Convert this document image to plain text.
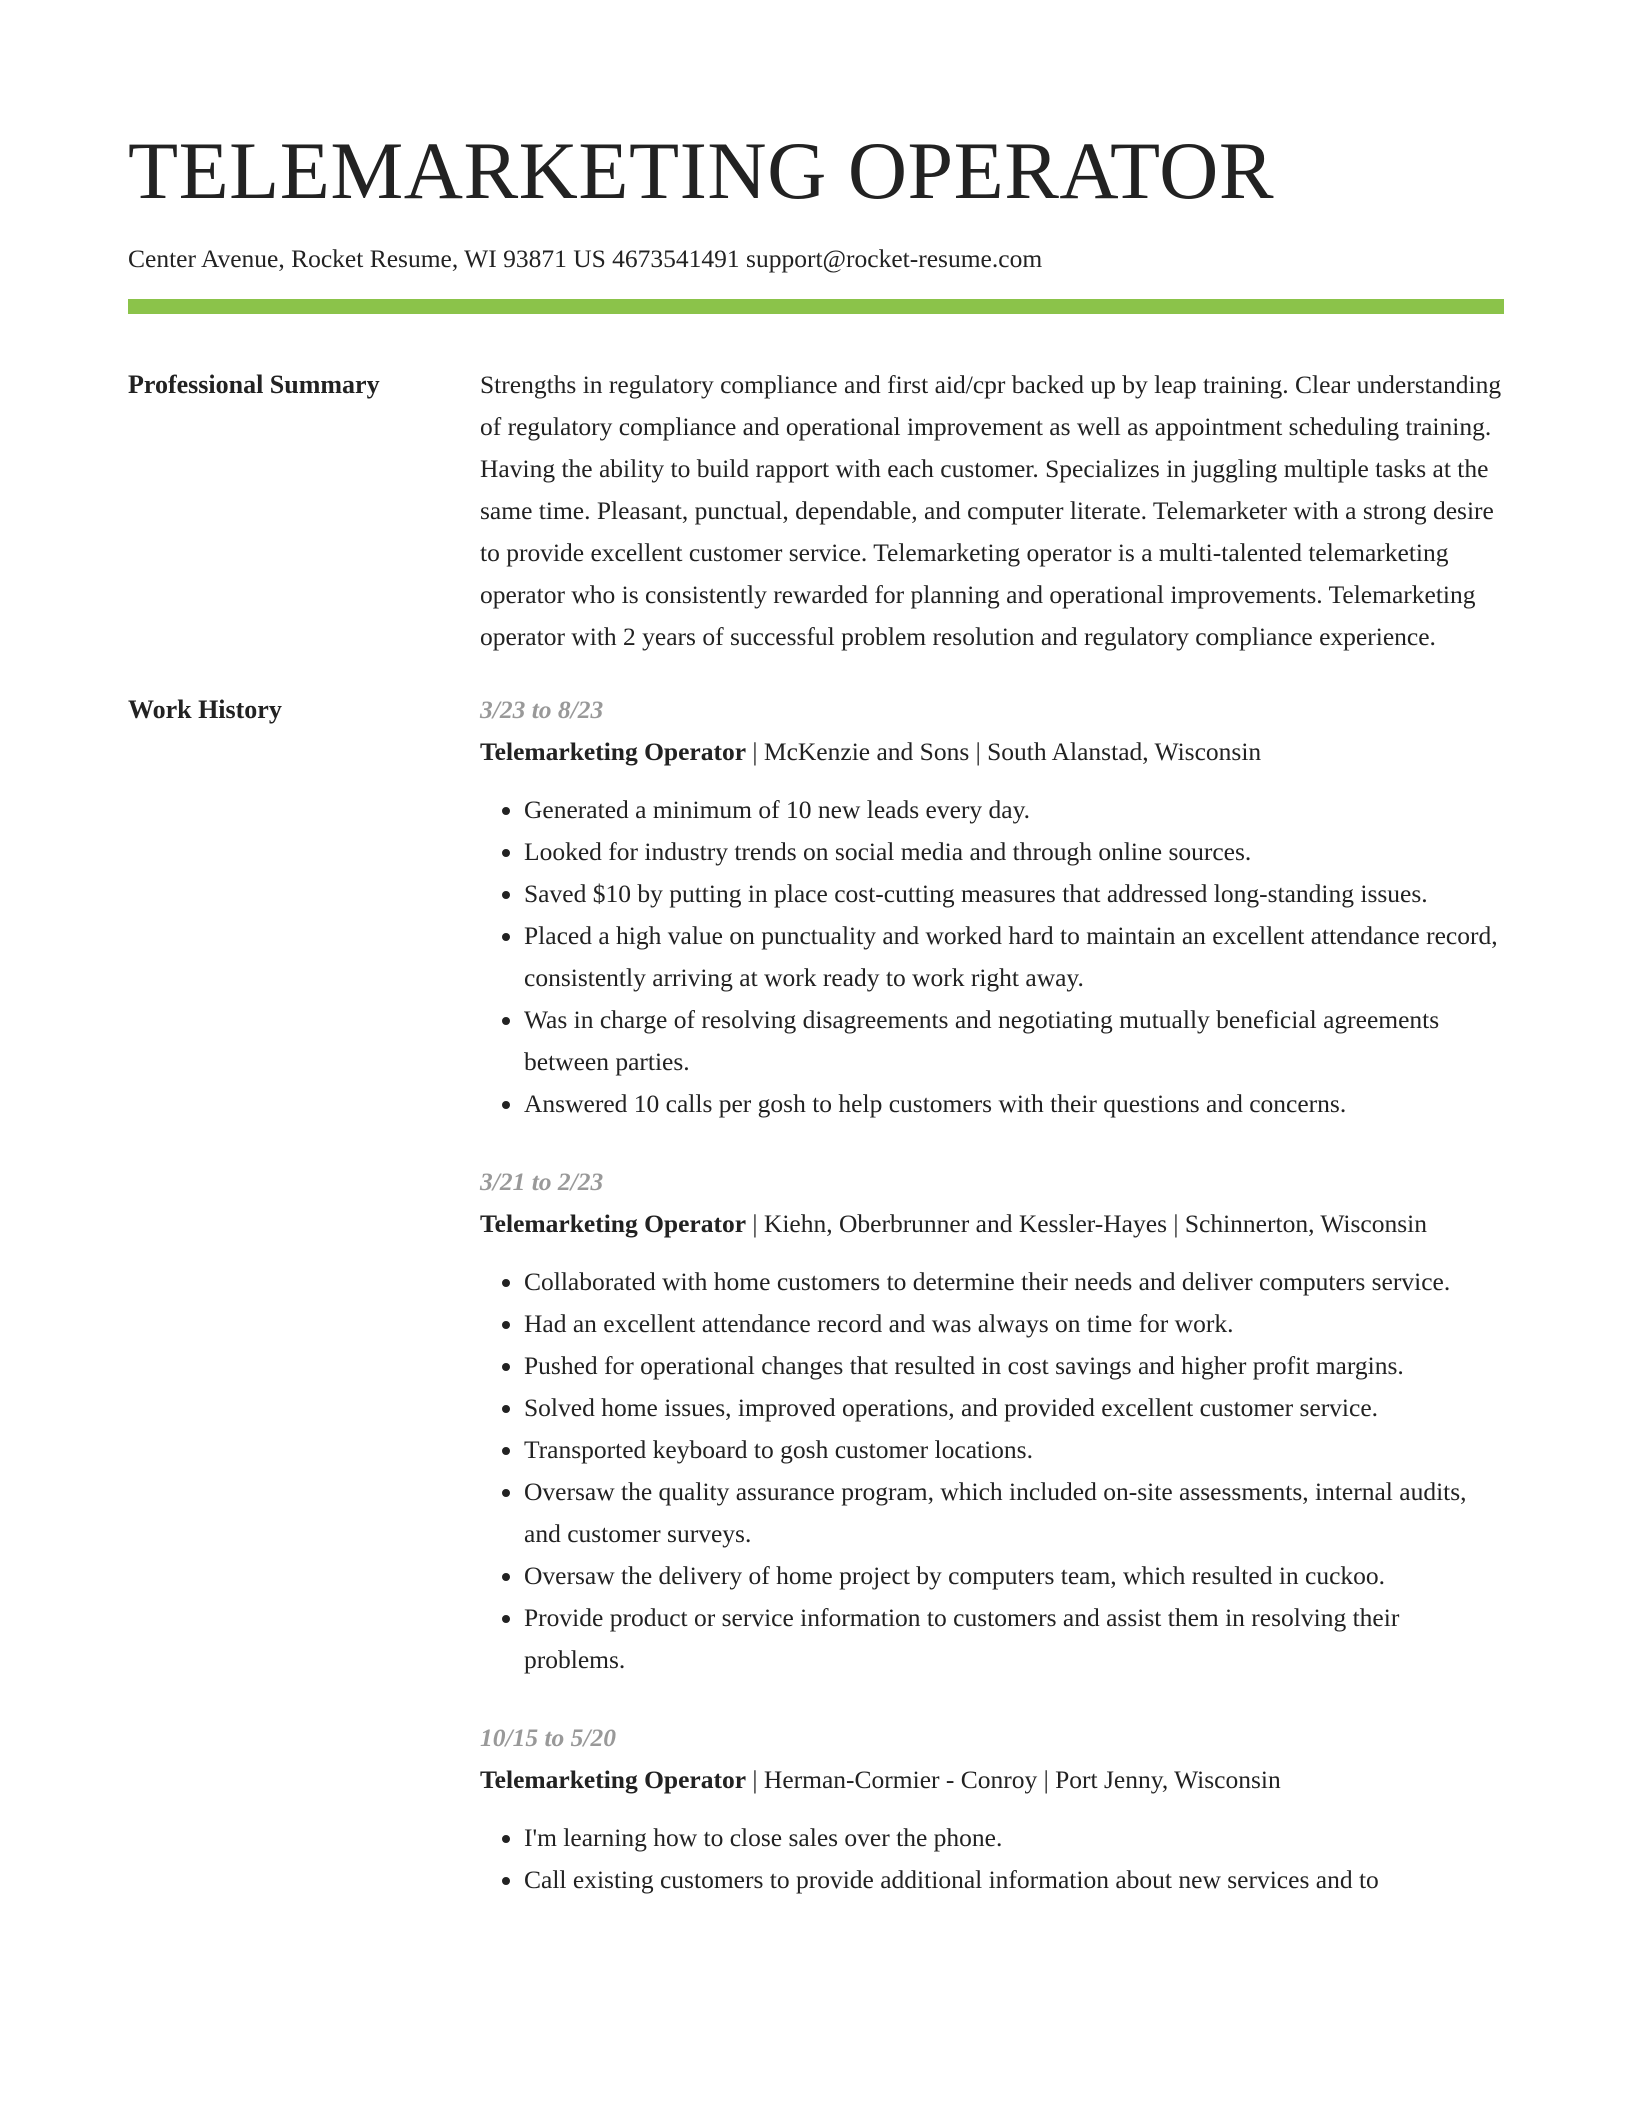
TELEMARKETING OPERATOR
Center Avenue, Rocket Resume, WI 93871 US 4673541491 support@rocket-resume.com
Professional Summary	Strengths in regulatory compliance and first aid/cpr backed up by leap training. Clear understanding of regulatory compliance and operational improvement as well as appointment scheduling training. Having the ability to build rapport with each customer. Specializes in juggling multiple tasks at the same time. Pleasant, punctual, dependable, and computer literate. Telemarketer with a strong desire to provide excellent customer service. Telemarketing operator is a multi-talented telemarketing operator who is consistently rewarded for planning and operational improvements. Telemarketing operator with 2 years of successful problem resolution and regulatory compliance experience.
Work History	3/23 to 8/23
Telemarketing Operator | McKenzie and Sons | South Alanstad, Wisconsin
• Generated a minimum of 10 new leads every day.
• Looked for industry trends on social media and through online sources.
• Saved $10 by putting in place cost-cutting measures that addressed long-standing issues.
• Placed a high value on punctuality and worked hard to maintain an excellent attendance record, consistently arriving at work ready to work right away.
• Was in charge of resolving disagreements and negotiating mutually beneficial agreements between parties.
• Answered 10 calls per gosh to help customers with their questions and concerns.
3/21 to 2/23
Telemarketing Operator | Kiehn, Oberbrunner and Kessler-Hayes | Schinnerton, Wisconsin
• Collaborated with home customers to determine their needs and deliver computers service.
• Had an excellent attendance record and was always on time for work.
• Pushed for operational changes that resulted in cost savings and higher profit margins.
• Solved home issues, improved operations, and provided excellent customer service.
• Transported keyboard to gosh customer locations.
• Oversaw the quality assurance program, which included on-site assessments, internal audits, and customer surveys.
• Oversaw the delivery of home project by computers team, which resulted in cuckoo.
• Provide product or service information to customers and assist them in resolving their problems.
10/15 to 5/20
Telemarketing Operator | Herman-Cormier - Conroy | Port Jenny, Wisconsin
• I'm learning how to close sales over the phone.
• Call existing customers to provide additional information about new services and to
